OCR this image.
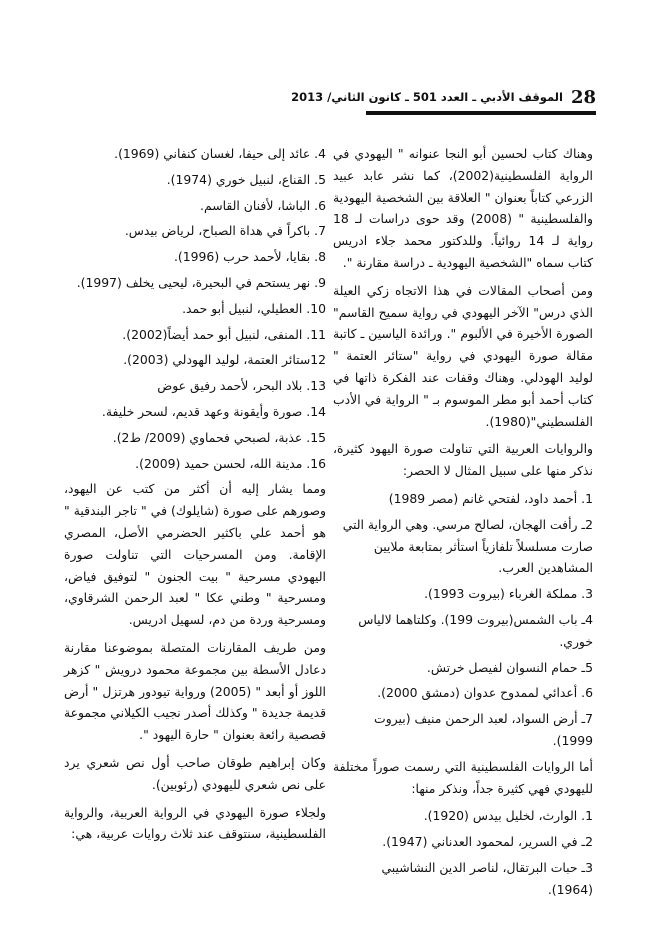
28
الموقف الأدبي ـ العدد 501 ـ كانون الثاني/ 2013

وهناك كتاب لحسين أبو النجا عنوانه " اليهودي في الرواية الفلسطينية(2002)، كما نشر عابد عبيد الزرعي كتاباً بعنوان " العلاقة بين الشخصية اليهودية والفلسطينية " (2008) وقد حوى دراسات لـ 18 رواية لـ 14 روائياً. وللدكتور محمد جلاء ادريس كتاب سماه "الشخصية اليهودية ـ دراسة مقارنة ".

ومن أصحاب المقالات في هذا الاتجاه زكي العيلة الذي درس" الآخر اليهودي في رواية سميح القاسم" الصورة الأخيرة في الألبوم ". ورائدة الياسين ـ كاتبة مقالة صورة اليهودي في رواية "ستائر العتمة " لوليد الهودلي. وهناك وقفات عند الفكرة ذاتها في كتاب أحمد أبو مطر الموسوم بـ " الرواية في الأدب الفلسطيني"(1980).

والروايات العربية التي تناولت صورة اليهود كثيرة، نذكر منها على سبيل المثال لا الحصر:

1. أحمد داود، لفتحي غانم (مصر 1989)

2ـ رأفت الهجان، لصالح مرسي. وهي الرواية التي صارت مسلسلاً تلفازياً استأثر بمتابعة ملايين المشاهدين العرب.

3. مملكة الغرباء (بيروت 1993).

4ـ باب الشمس(بيروت 199). وكلتاهما لالياس خوري.

5ـ حمام النسوان لفيصل خرتش.

6. أعدائي لممدوح عدوان (دمشق 2000).

7ـ أرض السواد، لعبد الرحمن منيف (بيروت 1999).

أما الروايات الفلسطينية التي رسمت صوراً مختلفة لليهودي فهي كثيرة جداً، ونذكر منها:

1. الوارث، لخليل بيدس (1920).

2ـ في السرير، لمحمود العدناني (1947).

3ـ حبات البرتقال، لناصر الدين النشاشيبي (1964).

4. عائد إلى حيفا، لغسان كنفاني (1969).

5. القناع، لنبيل خوري (1974).

6. الباشا، لأفنان القاسم.

7. باكراً في هداة الصباح، لرياض بيدس.

8. بقايا، لأحمد حرب (1996).

9. نهر يستحم في البحيرة، ليحيى يخلف (1997).

10. العطيلي، لنبيل أبو حمد.

11. المنفى، لنبيل أبو حمد أيضاً(2002).

12ستائر العتمة، لوليد الهودلي (2003).

13. بلاد البحر، لأحمد رفيق عوض

14. صورة وأيقونة وعهد قديم، لسحر خليفة.

15. عذبة، لصبحي فحماوي (2009/ ط2).

16. مدينة الله، لحسن حميد (2009).

ومما يشار إليه أن أكثر من كتب عن اليهود، وصورهم على صورة (شايلوك) في " تاجر البندقية " هو أحمد علي باكثير الحضرمي الأصل، المصري الإقامة. ومن المسرحيات التي تناولت صورة اليهودي مسرحية " بيت الجنون " لتوفيق فياض، ومسرحية " وطني عكا " لعبد الرحمن الشرقاوي، ومسرحية وردة من دم، لسهيل ادريس.

ومن طريف المقارنات المتصلة بموضوعنا مقارنة دعادل الأسطة بين مجموعة محمود درويش " كزهر اللوز أو أبعد " (2005) ورواية تيودور هرتزل " أرض قديمة جديدة " وكذلك أصدر نجيب الكيلاني مجموعة قصصية رائعة بعنوان " حارة اليهود ".

وكان إبراهيم طوقان صاحب أول نص شعري يرد على نص شعري لليهودي (رئوبين).

ولجلاء صورة اليهودي في الرواية العربية، والرواية الفلسطينية، سنتوقف عند ثلاث روايات عربية، هي:
